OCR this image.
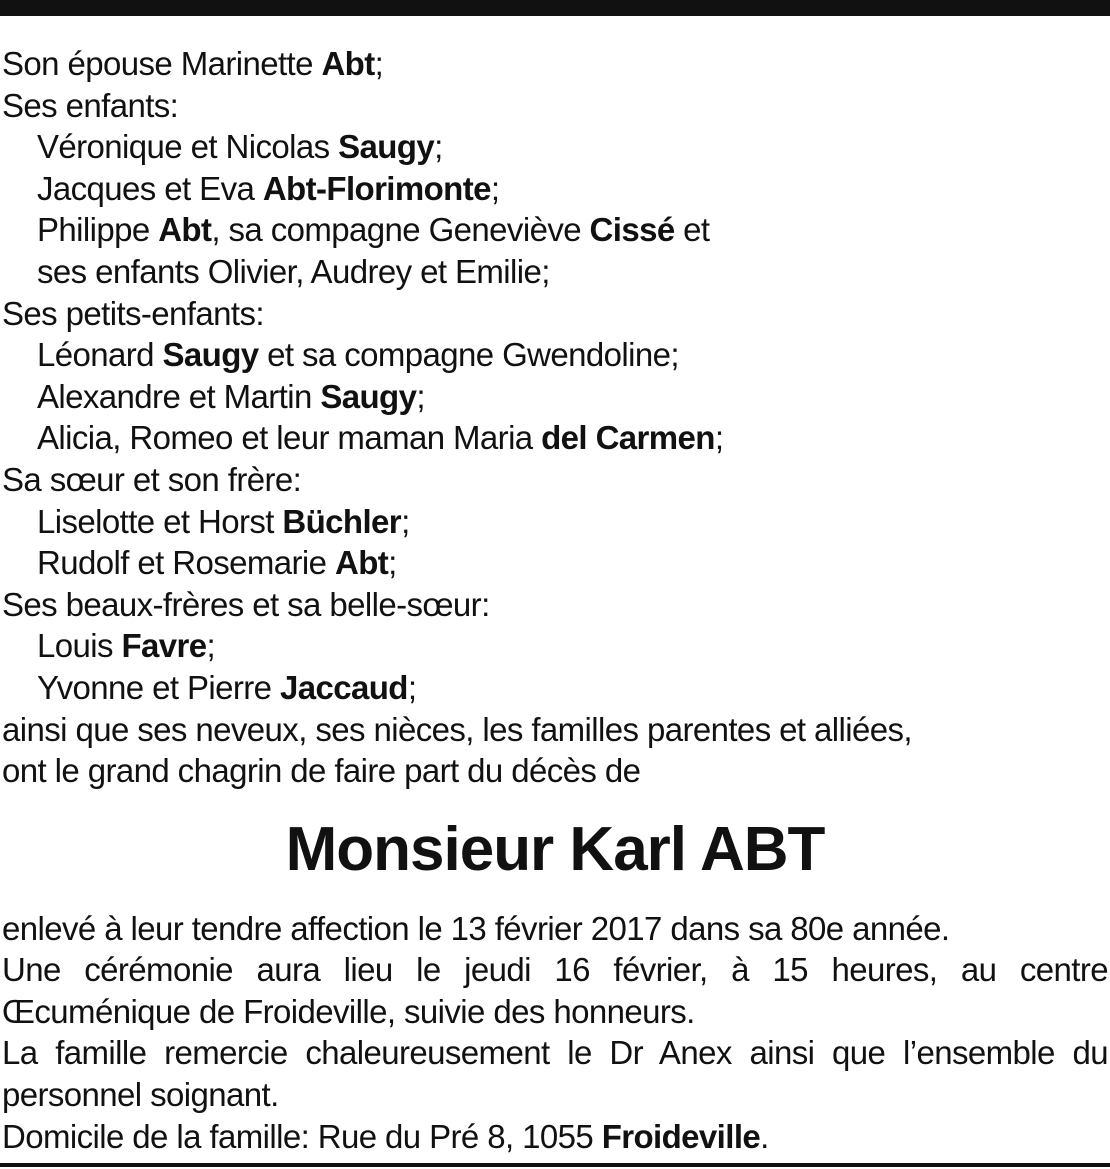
Son épouse Marinette Abt;
Ses enfants:
Véronique et Nicolas Saugy;
Jacques et Eva Abt-Florimonte;
Philippe Abt, sa compagne Geneviève Cissé et
ses enfants Olivier, Audrey et Emilie;
Ses petits-enfants:
Léonard Saugy et sa compagne Gwendoline;
Alexandre et Martin Saugy;
Alicia, Romeo et leur maman Maria del Carmen;
Sa sœur et son frère:
Liselotte et Horst Büchler;
Rudolf et Rosemarie Abt;
Ses beaux-frères et sa belle-sœur:
Louis Favre;
Yvonne et Pierre Jaccaud;
ainsi que ses neveux, ses nièces, les familles parentes et alliées,
ont le grand chagrin de faire part du décès de
Monsieur Karl ABT
enlevé à leur tendre affection le 13 février 2017 dans sa 80e année.
Une cérémonie aura lieu le jeudi 16 février, à 15 heures, au centre Œcuménique de Froideville, suivie des honneurs.
La famille remercie chaleureusement le Dr Anex ainsi que l’ensemble du personnel soignant.
Domicile de la famille: Rue du Pré 8, 1055 Froideville.
